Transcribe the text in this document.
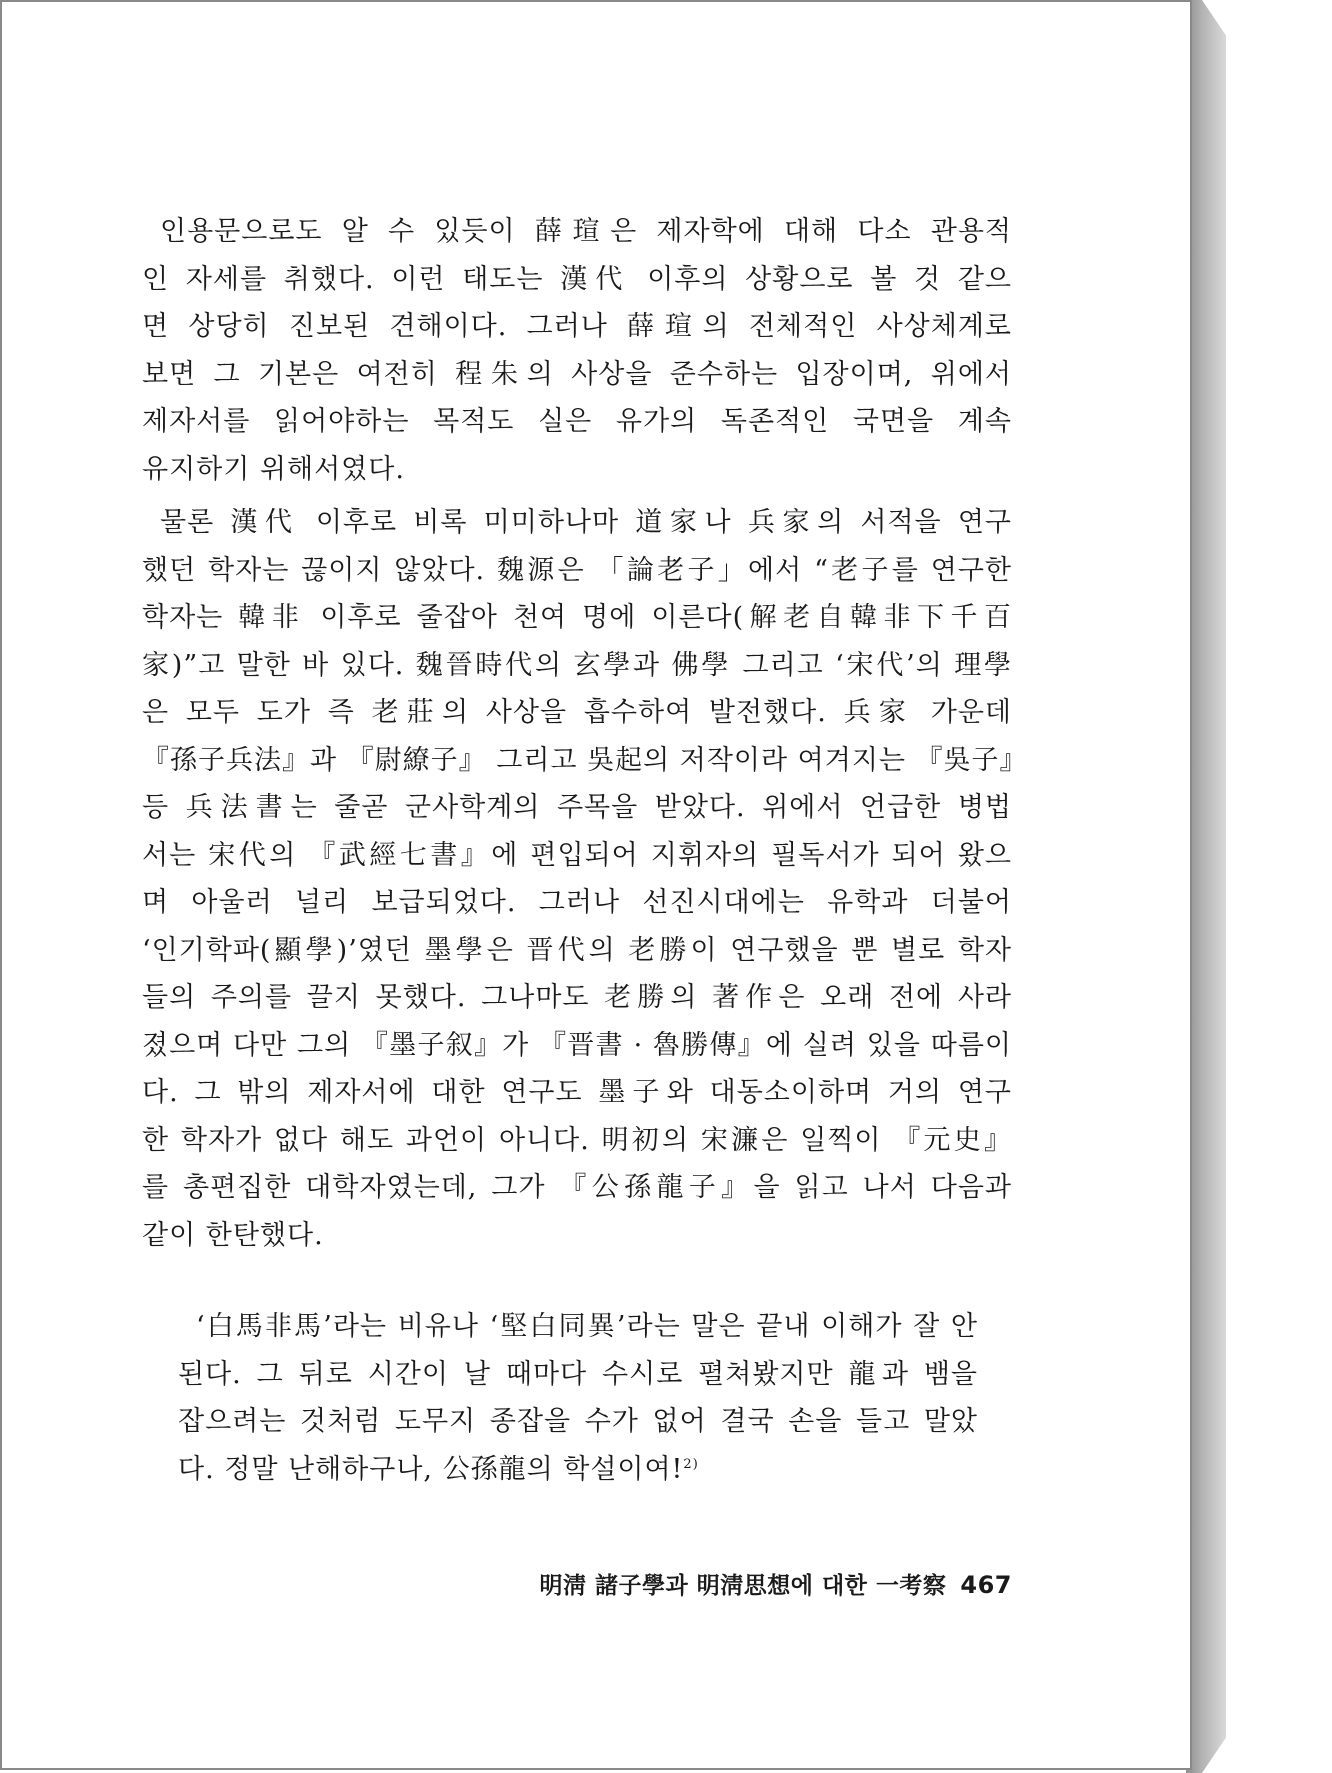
인용문으로도 알 수 있듯이 薛瑄은 제자학에 대해 다소 관용적
인 자세를 취했다. 이런 태도는 漢代 이후의 상황으로 볼 것 같으
면 상당히 진보된 견해이다. 그러나 薛瑄의 전체적인 사상체계로
보면 그 기본은 여전히 程朱의 사상을 준수하는 입장이며, 위에서
제자서를 읽어야하는 목적도 실은 유가의 독존적인 국면을 계속
유지하기 위해서였다.

물론 漢代 이후로 비록 미미하나마 道家나 兵家의 서적을 연구
했던 학자는 끊이지 않았다. 魏源은 「論老子」에서 “老子를 연구한
학자는 韓非 이후로 줄잡아 천여 명에 이른다(解老自韓非下千百
家)”고 말한 바 있다. 魏晉時代의 玄學과 佛學 그리고 ‘宋代’의 理學
은 모두 도가 즉 老莊의 사상을 흡수하여 발전했다. 兵家 가운데
『孫子兵法』과 『尉繚子』 그리고 吳起의 저작이라 여겨지는 『吳子』
등 兵法書는 줄곧 군사학계의 주목을 받았다. 위에서 언급한 병법
서는 宋代의 『武經七書』에 편입되어 지휘자의 필독서가 되어 왔으
며 아울러 널리 보급되었다. 그러나 선진시대에는 유학과 더불어
‘인기학파(顯學)’였던 墨學은 晋代의 老勝이 연구했을 뿐 별로 학자
들의 주의를 끌지 못했다. 그나마도 老勝의 著作은 오래 전에 사라
졌으며 다만 그의 『墨子叙』가 『晋書 · 魯勝傳』에 실려 있을 따름이
다. 그 밖의 제자서에 대한 연구도 墨子와 대동소이하며 거의 연구
한 학자가 없다 해도 과언이 아니다. 明初의 宋濂은 일찍이 『元史』
를 총편집한 대학자였는데, 그가 『公孫龍子』을 읽고 나서 다음과
같이 한탄했다.

‘白馬非馬’라는 비유나 ‘堅白同異’라는 말은 끝내 이해가 잘 안
된다. 그 뒤로 시간이 날 때마다 수시로 펼쳐봤지만 龍과 뱀을
잡으려는 것처럼 도무지 종잡을 수가 없어 결국 손을 들고 말았
다. 정말 난해하구나, 公孫龍의 학설이여!$^{2)}$
明淸 諸子學과 明淸思想에 대한 一考察 467
